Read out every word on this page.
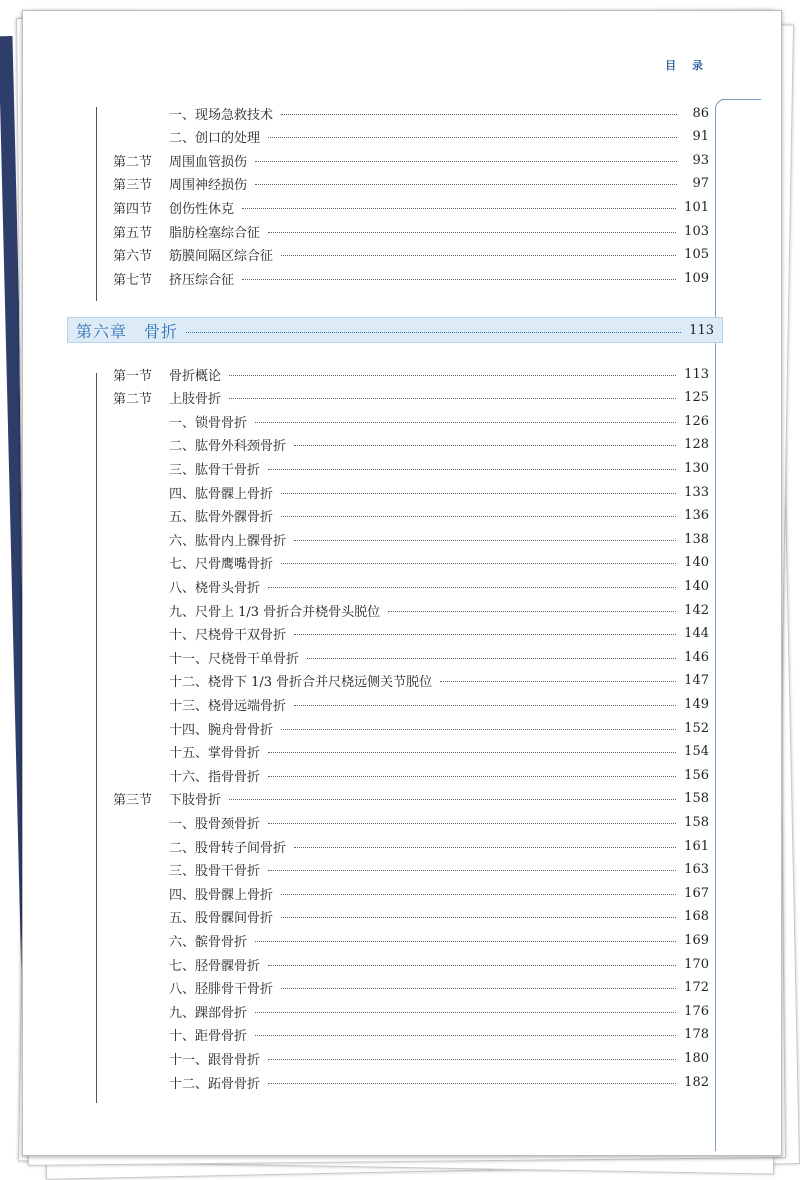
目 录
一、现场急救技术	86
二、创口的处理	91
第二节	周围血管损伤	93
第三节	周围神经损伤	97
第四节	创伤性休克	101
第五节	脂肪栓塞综合征	103
第六节	筋膜间隔区综合征	105
第七节	挤压综合征	109
第六章　骨折	113
第一节	骨折概论	113
第二节	上肢骨折	125
一、锁骨骨折	126
二、肱骨外科颈骨折	128
三、肱骨干骨折	130
四、肱骨髁上骨折	133
五、肱骨外髁骨折	136
六、肱骨内上髁骨折	138
七、尺骨鹰嘴骨折	140
八、桡骨头骨折	140
九、尺骨上 1/3 骨折合并桡骨头脱位	142
十、尺桡骨干双骨折	144
十一、尺桡骨干单骨折	146
十二、桡骨下 1/3 骨折合并尺桡远侧关节脱位	147
十三、桡骨远端骨折	149
十四、腕舟骨骨折	152
十五、掌骨骨折	154
十六、指骨骨折	156
第三节	下肢骨折	158
一、股骨颈骨折	158
二、股骨转子间骨折	161
三、股骨干骨折	163
四、股骨髁上骨折	167
五、股骨髁间骨折	168
六、髌骨骨折	169
七、胫骨髁骨折	170
八、胫腓骨干骨折	172
九、踝部骨折	176
十、距骨骨折	178
十一、跟骨骨折	180
十二、跖骨骨折	182
